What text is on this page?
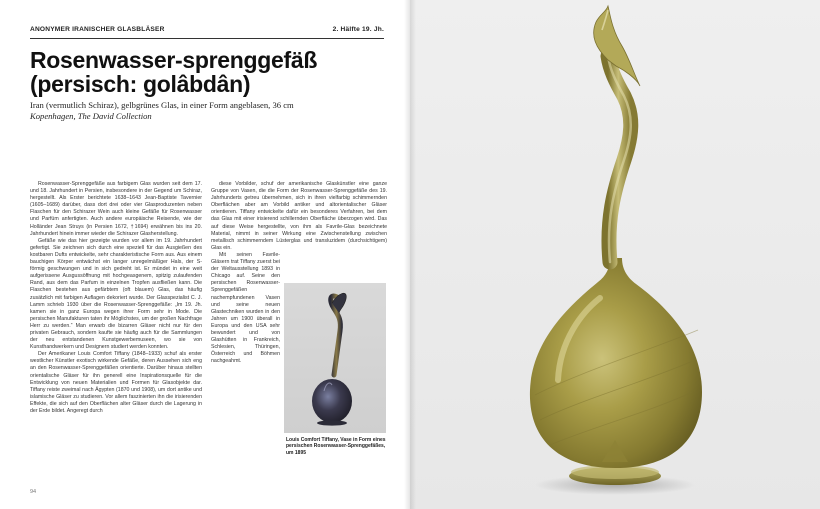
ANONYMER IRANISCHER GLASBLÄSER	2. Hälfte 19. Jh.
Rosenwasser-sprenggefäß
(persisch: golâbdân)
Iran (vermutlich Schiraz), gelbgrünes Glas, in einer Form angeblasen, 36 cm
Kopenhagen, The David Collection

Rosenwasser-Sprenggefäße aus farbigem Glas wurden seit dem 17. und 18. Jahrhundert in Persien, insbesondere in der Gegend um Schiraz, hergestellt. Als Erster berichtete 1638–1643 Jean-Baptiste Tavernier (1605–1689) darüber, dass dort drei oder vier Glasproduzenten neben Flaschen für den Schirazer Wein auch kleine Gefäße für Rosenwasser und Parfüm anfertigten. Auch andere europäische Reisende, wie der Holländer Jean Struys (in Persien 1672, †1694) erwähnen bis ins 20. Jahrhundert hinein immer wieder die Schirazer Glasherstellung.

Gefäße wie das hier gezeigte wurden vor allem im 19. Jahrhundert gefertigt. Sie zeichnen sich durch eine speziell für das Ausgießen des kostbaren Dufts entwickelte, sehr charakteristische Form aus. Aus einem bauchigen Körper entwächst ein langer unregelmäßiger Hals, der S-förmig geschwungen und in sich gedreht ist. Er mündet in eine weit aufgerissene Ausgussöffnung mit hochgeasgenem, spitzig zulaufenden Rand, aus dem das Parfum in einzelnen Tropfen ausfließen kann. Die Flaschen bestehen aus gefärbtem (oft blauem) Glas, das häufig zusätzlich mit farbigen Auflagen dekoriert wurde. Der Glasspezialist C. J. Lamm schrieb 1930 über die Rosenwasser-Sprenggefäße: „Im 19. Jh. kamen sie in ganz Europa wegen ihrer Form sehr in Mode. Die persischen Manufakturen taten ihr Möglichstes, um der großen Nachfrage Herr zu werden.“ Man erwarb die bizarren Gläser nicht nur für den privaten Gebrauch, sondern kaufte sie häufig auch für die Sammlungen der neu entstandenen Kunstgewerbemuseen, wo sie von Kunsthandwerkern und Designern studiert werden konnten.

Der Amerikaner Louis Comfort Tiffany (1848–1933) schuf als erster westlicher Künstler exotisch wirkende Gefäße, deren Aussehen sich eng an den Rosenwasser-Sprenggefäßen orientierte. Darüber hinaus stellten orientalische Gläser für ihn generell eine Inspirationsquelle für die Entwicklung von neuen Materialien und Formen für Glasobjekte dar. Tiffany reiste zweimal nach Ägypten (1870 und 1908), um dort antike und islamische Gläser zu studieren. Vor allem faszinierten ihn die irisierenden Effekte, die sich auf den Oberflächen alter Gläser durch die Lagerung in der Erde bildet. Angeregt durch

diese Vorbilder, schuf der amerikanische Glaskünstler eine ganze Gruppe von Vasen, die die Form der Rosenwasser-Sprenggefäße des 19. Jahrhunderts getreu übernehmen, sich in ihren vielfarbig schimmernden Oberflächen aber am Vorbild antiker und altorientalischer Gläser orientieren. Tiffany entwickelte dafür ein besonderes Verfahren, bei dem das Glas mit einer irisierend schillernden Oberfläche überzogen wird. Das auf diese Weise hergestellte, von ihm als Favrile-Glas bezeichnete Material, nimmt in seiner Wirkung eine Zwischenstellung zwischen metallisch schimmerndem Lüsterglas und transluzidem (durchsichtigem) Glas ein.

Mit seinen Favrile-Gläsern trat Tiffany zuerst bei der Weltausstellung 1893 in Chicago auf. Seine den persischen Rosenwasser-Sprenggefäßen nachempfundenen Vasen und seine neuen Glastechniken wurden in den Jahren um 1900 überall in Europa und den USA sehr bewundert und von Glashütten in Frankreich, Schlesien, Thüringen, Österreich und Böhmen nachgeahmt.

Louis Comfort Tiffany, Vase in Form eines persischen Rosenwasser-Sprenggefäßes, um 1895
94
